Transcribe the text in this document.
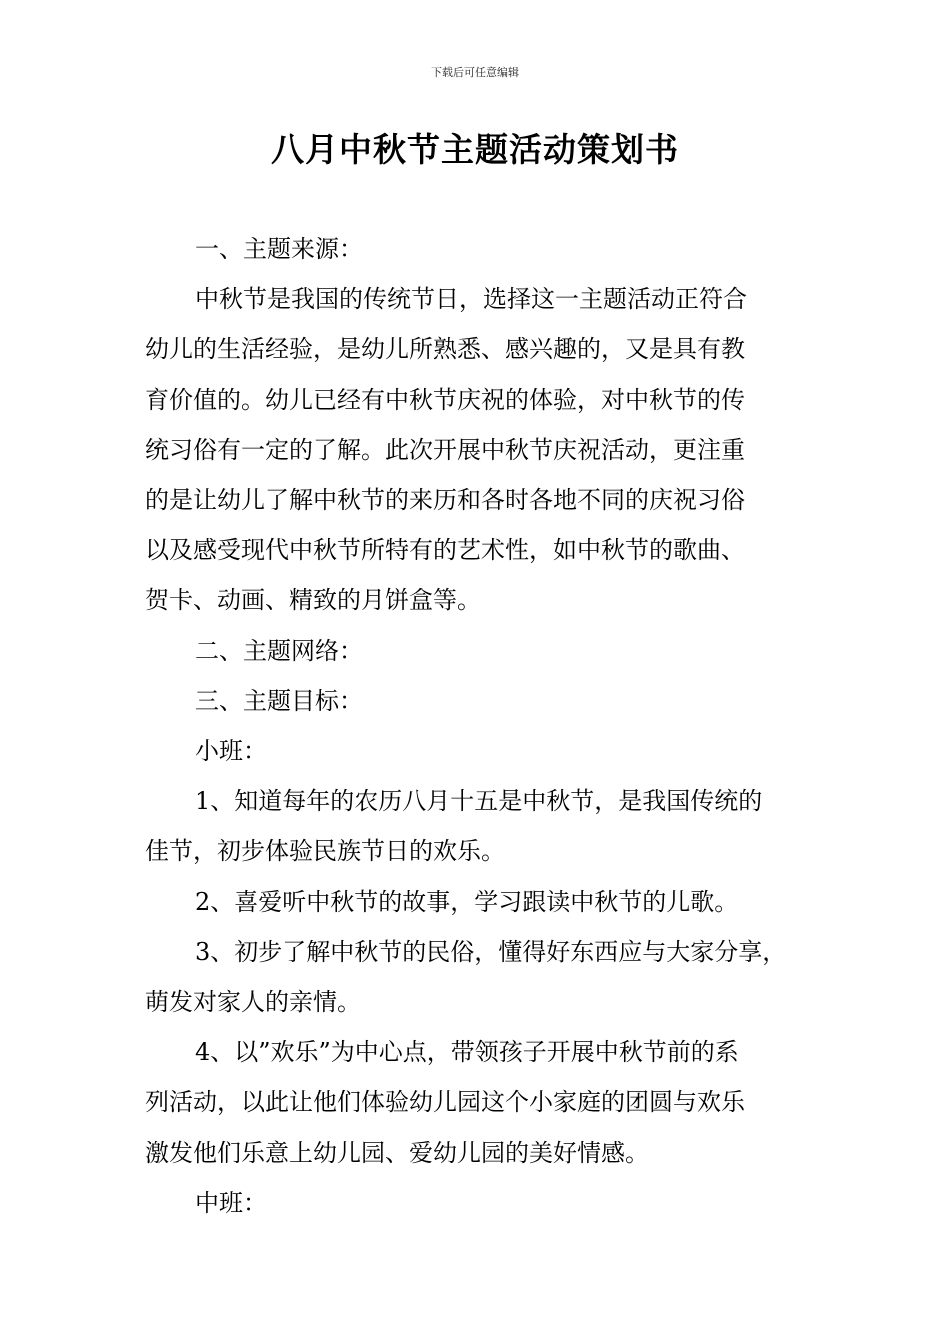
下载后可任意编辑
八月中秋节主题活动策划书
一、主题来源：
中秋节是我国的传统节日，选择这一主题活动正符合
幼儿的生活经验，是幼儿所熟悉、感兴趣的，又是具有教
育价值的。幼儿已经有中秋节庆祝的体验，对中秋节的传
统习俗有一定的了解。此次开展中秋节庆祝活动，更注重
的是让幼儿了解中秋节的来历和各时各地不同的庆祝习俗
以及感受现代中秋节所特有的艺术性，如中秋节的歌曲、
贺卡、动画、精致的月饼盒等。
二、主题网络：
三、主题目标：
小班：
1、知道每年的农历八月十五是中秋节，是我国传统的
佳节，初步体验民族节日的欢乐。
2、喜爱听中秋节的故事，学习跟读中秋节的儿歌。
3、初步了解中秋节的民俗，懂得好东西应与大家分享，
萌发对家人的亲情。
4、以”欢乐”为中心点，带领孩子开展中秋节前的系
列活动，以此让他们体验幼儿园这个小家庭的团圆与欢乐
激发他们乐意上幼儿园、爱幼儿园的美好情感。
中班：
